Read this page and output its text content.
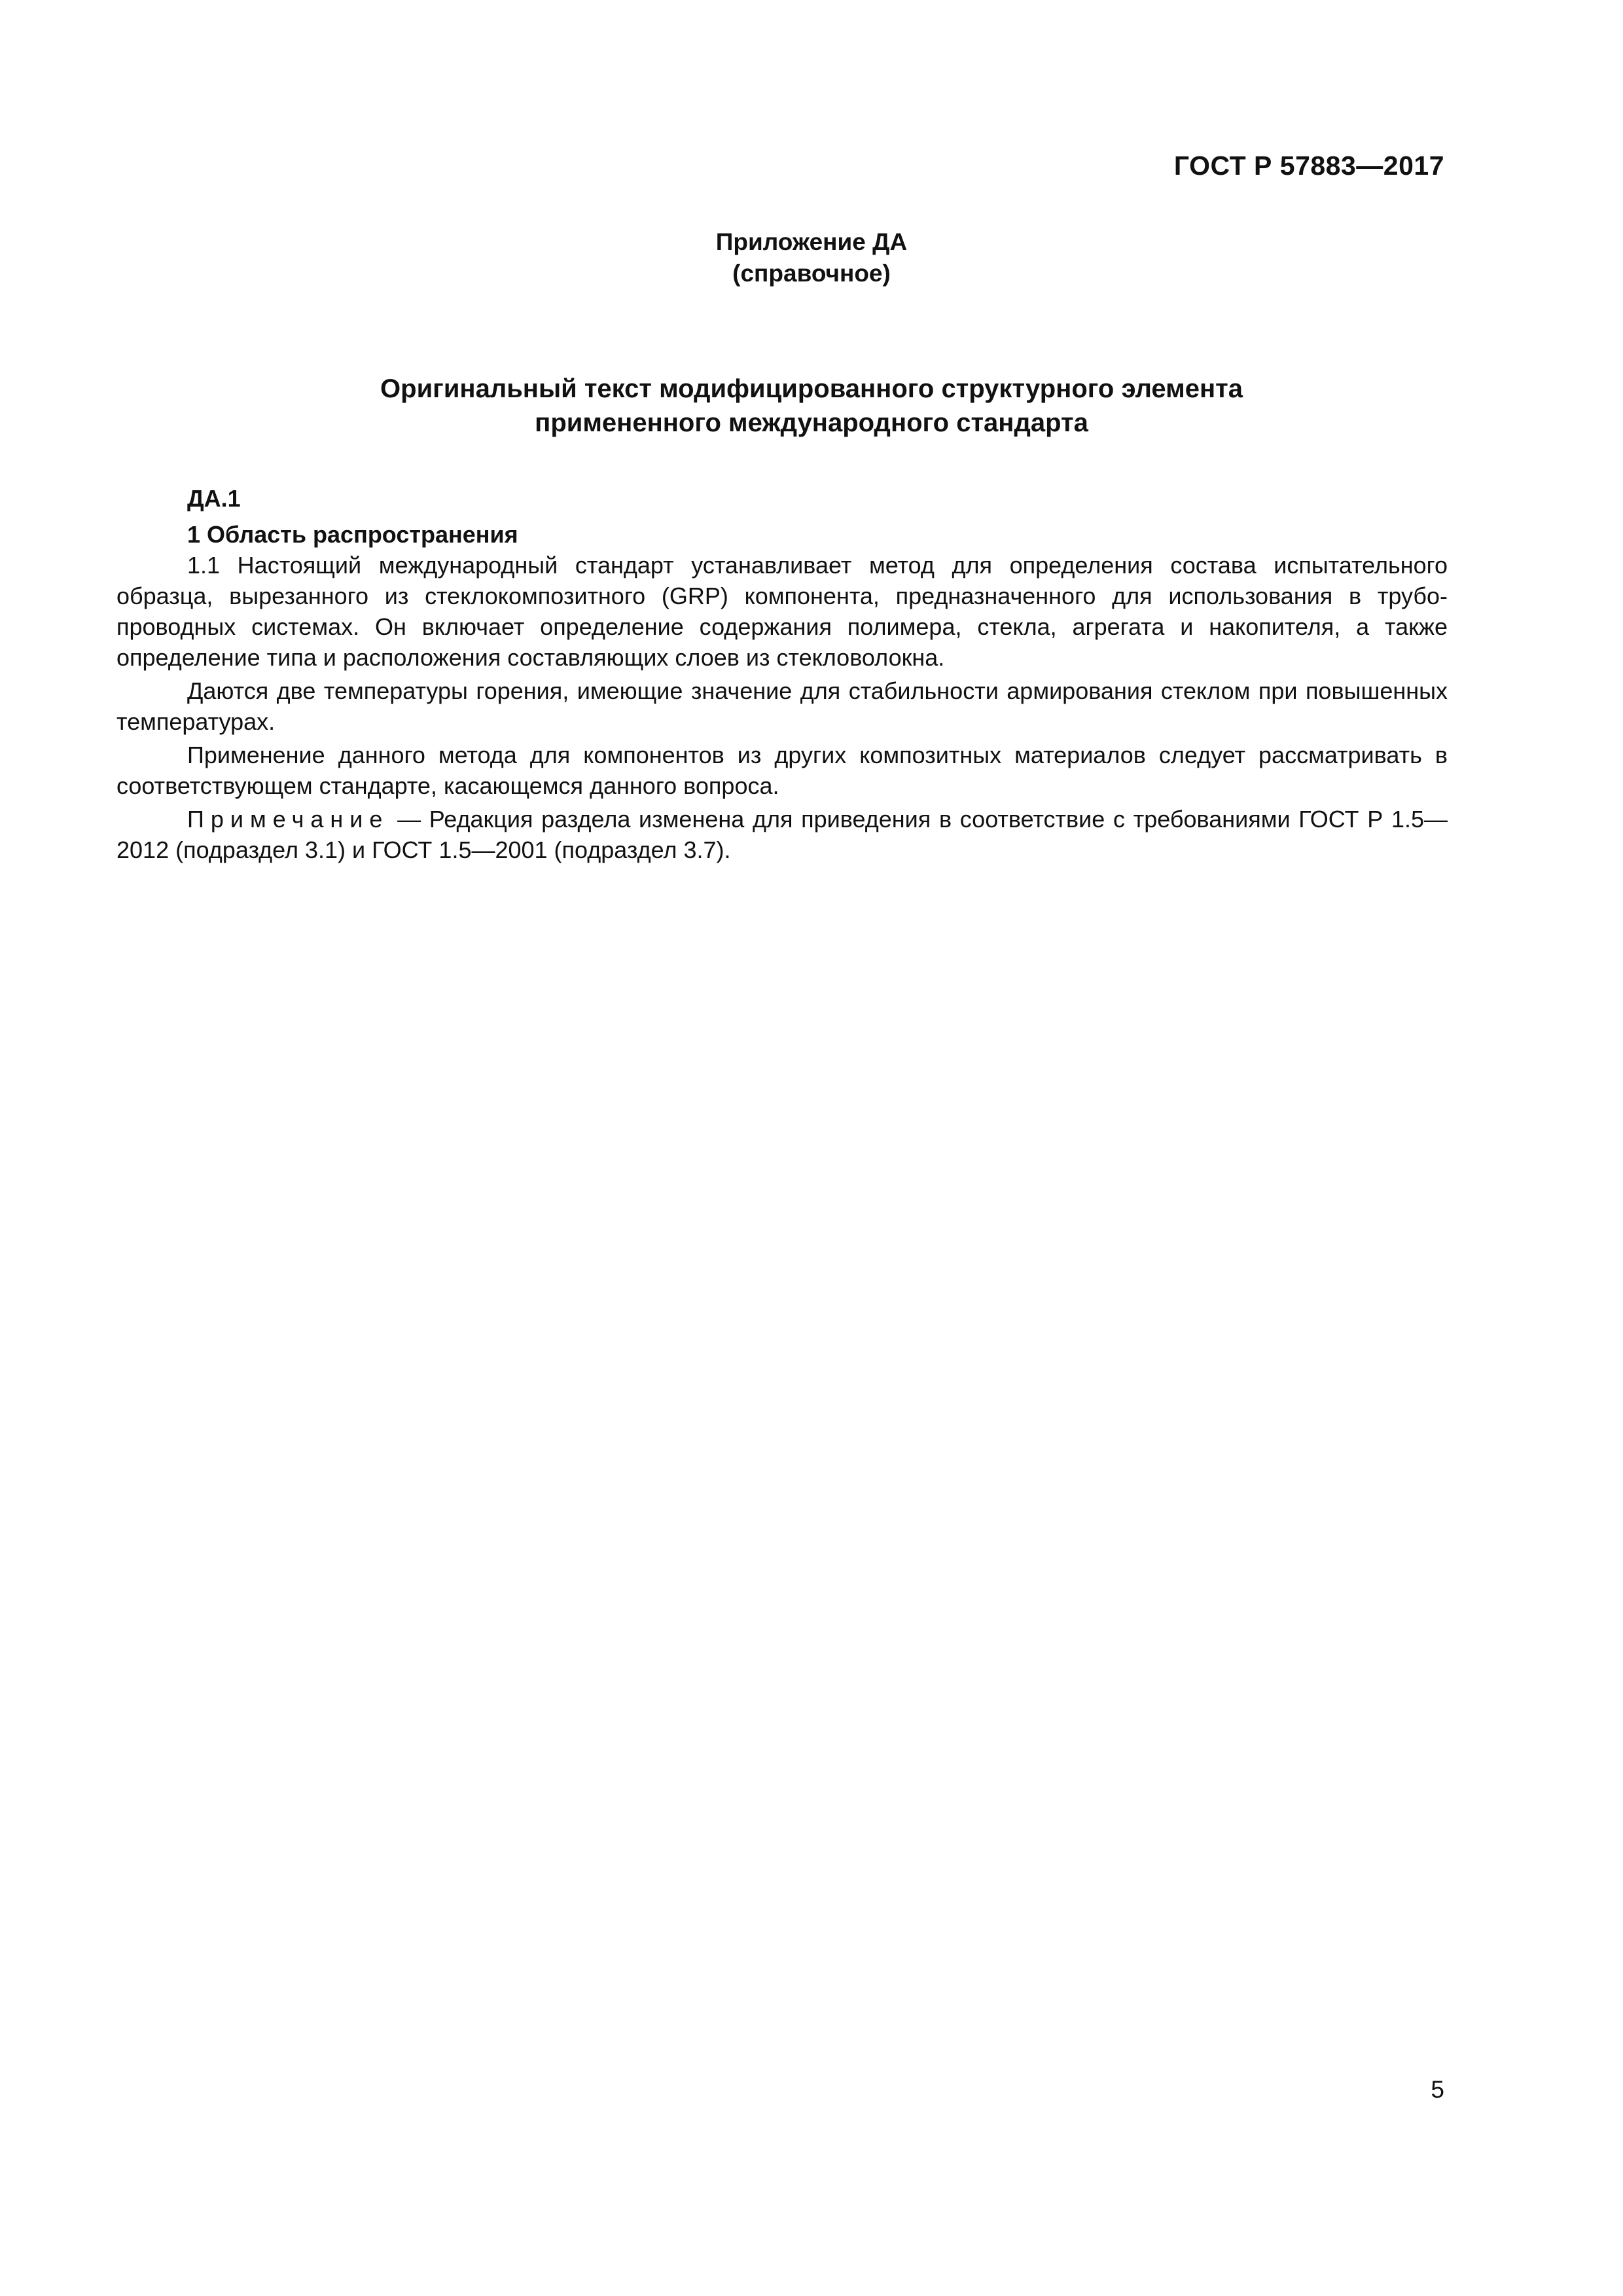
ГОСТ Р 57883—2017
Приложение ДА
(справочное)
Оригинальный текст модифицированного структурного элемента
примененного международного стандарта
ДА.1
1 Область распространения

1.1 Настоящий международный стандарт устанавливает метод для определения состава испытательного образца, вырезанного из стеклокомпозитного (GRP) компонента, предназначенного для использования в трубопроводных системах. Он включает определение содержания полимера, стекла, агрегата и накопителя, а также определение типа и расположения составляющих слоев из стекловолокна.

Даются две температуры горения, имеющие значение для стабильности армирования стеклом при повышенных температурах.

Применение данного метода для компонентов из других композитных материалов следует рассматривать в соответствующем стандарте, касающемся данного вопроса.

Примечание — Редакция раздела изменена для приведения в соответствие с требованиями ГОСТ Р 1.5—2012 (подраздел 3.1) и ГОСТ 1.5—2001 (подраздел 3.7).

5
